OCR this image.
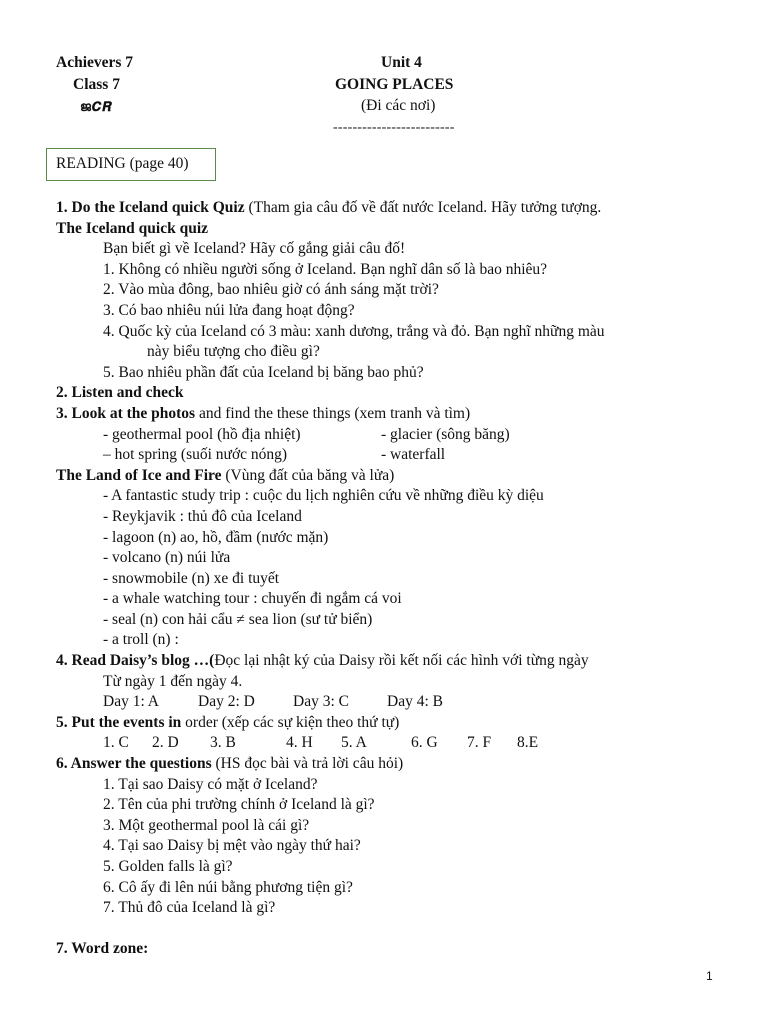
Achievers 7
Class 7
ജ𝑪𝑹
Unit 4
GOING PLACES
(Đi các nơi)
-------------------------
READING (page 40)
1. Do the Iceland quick Quiz (Tham gia câu đố về đất nước Iceland. Hãy tưởng tượng.
The Iceland quick quiz
Bạn biết gì về Iceland? Hãy cố gắng giải câu đố!
1. Không có nhiều người sống ở Iceland. Bạn nghĩ dân số là bao nhiêu?
2. Vào mùa đông, bao nhiêu giờ có ánh sáng mặt trời?
3. Có bao nhiêu núi lửa đang hoạt động?
4. Quốc kỳ của Iceland có 3 màu: xanh dương, trắng và đỏ. Bạn nghĩ những màu
này biểu tượng cho điều gì?
5. Bao nhiêu phần đất của Iceland bị băng bao phủ?
2. Listen and check
3. Look at the photos and find the these things (xem tranh và tìm)
- geothermal pool (hồ địa nhiệt)	- glacier (sông băng)
– hot spring (suối nước nóng)	- waterfall
The Land of Ice and Fire (Vùng đất của băng và lửa)
- A fantastic study trip : cuộc du lịch nghiên cứu về những điều kỳ diệu
- Reykjavik : thủ đô của Iceland
- lagoon (n) ao, hồ, đầm (nước mặn)
- volcano (n) núi lửa
- snowmobile (n) xe đi tuyết
- a whale watching tour : chuyến đi ngắm cá voi
- seal (n) con hải cẩu ≠ sea lion (sư tử biển)
- a troll (n) :
4. Read Daisy’s blog …(Đọc lại nhật ký của Daisy rồi kết nối các hình với từng ngày
Từ ngày 1 đến ngày 4.
Day 1: A	Day 2: D Day 3: C Day 4: B
5. Put the events in order (xếp các sự kiện theo thứ tự)
1. C 2. D 3. B	4. H 5. A	6. G 7. F 8.E
6. Answer the questions (HS đọc bài và trả lời câu hỏi)
1. Tại sao Daisy có mặt ở Iceland?
2. Tên của phi trường chính ở Iceland là gì?
3. Một geothermal pool là cái gì?
4. Tại sao Daisy bị mệt vào ngày thứ hai?
5. Golden falls là gì?
6. Cô ấy đi lên núi bằng phương tiện gì?
7. Thủ đô của Iceland là gì?
7. Word zone:
1
